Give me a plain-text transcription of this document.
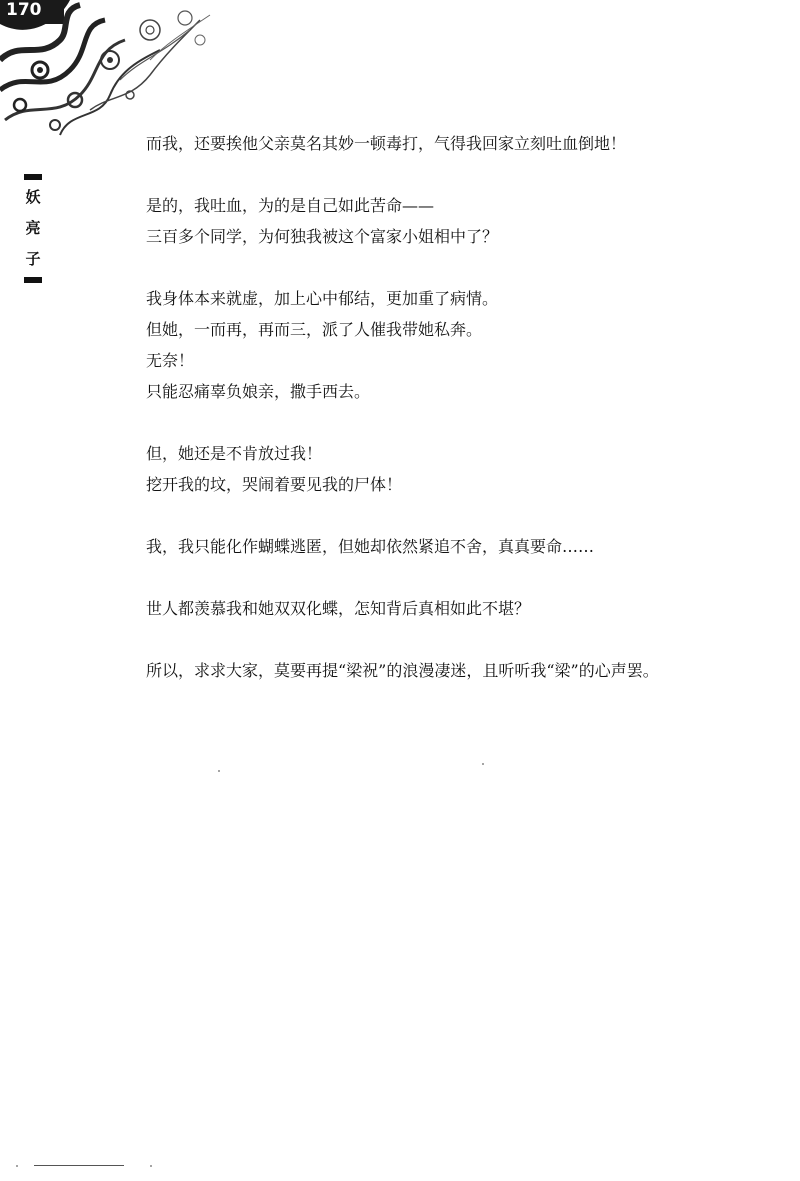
170
妖
亮
子

而我，还要挨他父亲莫名其妙一顿毒打，气得我回家立刻吐血倒地！

是的，我吐血，为的是自己如此苦命——

三百多个同学，为何独我被这个富家小姐相中了？

我身体本来就虚，加上心中郁结，更加重了病情。

但她，一而再，再而三，派了人催我带她私奔。

无奈！

只能忍痛辜负娘亲，撒手西去。

但，她还是不肯放过我！

挖开我的坟，哭闹着要见我的尸体！

我，我只能化作蝴蝶逃匿，但她却依然紧追不舍，真真要命……

世人都羡慕我和她双双化蝶，怎知背后真相如此不堪？

所以，求求大家，莫要再提“梁祝”的浪漫凄迷，且听听我“梁”的心声罢。
